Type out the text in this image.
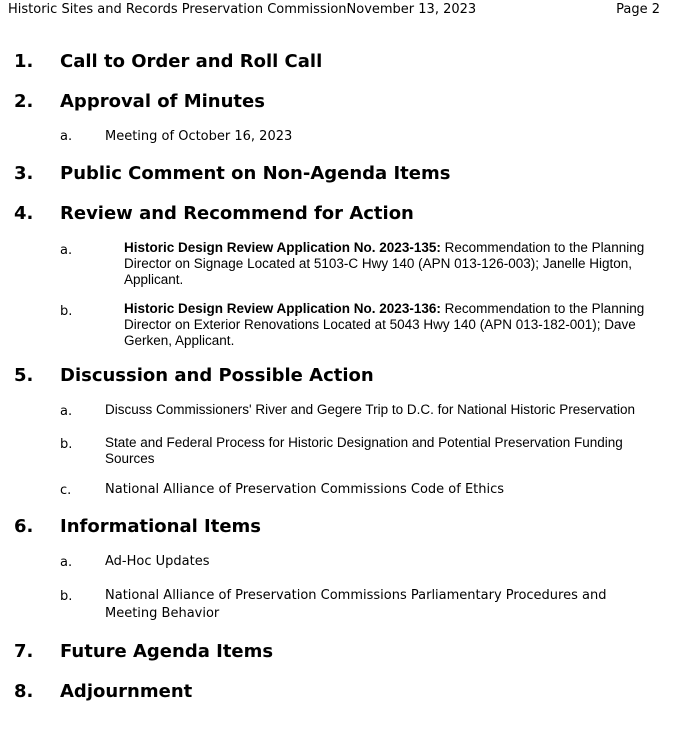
Historic Sites and Records Preservation CommissionNovember 13, 2023	Page 2
1. Call to Order and Roll Call
2. Approval of Minutes
a.	Meeting of October 16, 2023
3. Public Comment on Non-Agenda Items
4. Review and Recommend for Action
a.	Historic Design Review Application No. 2023-135: Recommendation to the Planning Director on Signage Located at 5103-C Hwy 140 (APN 013-126-003); Janelle Higton, Applicant.
b.	Historic Design Review Application No. 2023-136: Recommendation to the Planning Director on Exterior Renovations Located at 5043 Hwy 140 (APN 013-182-001); Dave Gerken, Applicant.
5. Discussion and Possible Action
a. Discuss Commissioners' River and Gegere Trip to D.C. for National Historic Preservation
b. State and Federal Process for Historic Designation and Potential Preservation Funding Sources
c.	National Alliance of Preservation Commissions Code of Ethics
6. Informational Items
a.	Ad-Hoc Updates
b.	National Alliance of Preservation Commissions Parliamentary Procedures and Meeting Behavior
7. Future Agenda Items
8. Adjournment
